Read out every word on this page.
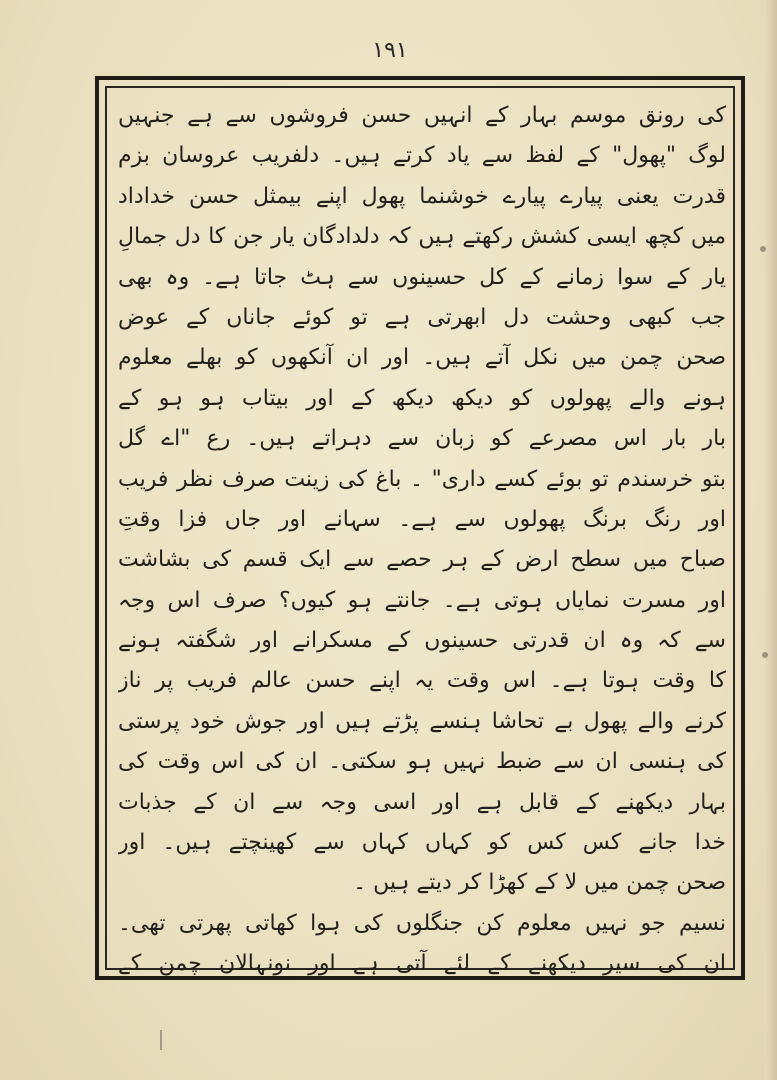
۱۹۱
کی رونق موسم بہار کے انہیں حسن فروشوں سے ہے جنہیں
لوگ "پھول" کے لفظ سے یاد کرتے ہیں۔ دلفریب عروسان بزم
قدرت یعنی پیارے پیارے خوشنما پھول اپنے بیمثل حسن خداداد
میں کچھ ایسی کشش رکھتے ہیں کہ دلدادگان یار جن کا دل جمالِ
یار کے سوا زمانے کے کل حسینوں سے ہٹ جاتا ہے۔ وہ بھی
جب کبھی وحشت دل ابھرتی ہے تو کوئے جاناں کے عوض
صحن چمن میں نکل آتے ہیں۔ اور ان آنکھوں کو بھلے معلوم
ہونے والے پھولوں کو دیکھ دیکھ کے اور بیتاب ہو ہو کے
بار بار اس مصرعے کو زبان سے دہراتے ہیں۔ رع "اے گل
بتو خرسندم تو بوئے کسے داری" ۔ باغ کی زینت صرف نظر فریب
اور رنگ برنگ پھولوں سے ہے۔ سہانے اور جاں فزا وقتِ
صباح میں سطح ارض کے ہر حصے سے ایک قسم کی بشاشت
اور مسرت نمایاں ہوتی ہے۔ جانتے ہو کیوں؟ صرف اس وجہ
سے کہ وہ ان قدرتی حسینوں کے مسکرانے اور شگفتہ ہونے
کا وقت ہوتا ہے۔ اس وقت یہ اپنے حسن عالم فریب پر ناز
کرنے والے پھول بے تحاشا ہنسے پڑتے ہیں اور جوش خود پرستی
کی ہنسی ان سے ضبط نہیں ہو سکتی۔ ان کی اس وقت کی
بہار دیکھنے کے قابل ہے اور اسی وجہ سے ان کے جذبات
خدا جانے کس کس کو کہاں کہاں سے کھینچتے ہیں۔ اور
صحن چمن میں لا کے کھڑا کر دیتے ہیں ۔
نسیم جو نہیں معلوم کن جنگلوں کی ہوا کھاتی پھرتی تھی۔
ان کی سیر دیکھنے کے لئے آتی ہے اور نونہالان چمن کے
